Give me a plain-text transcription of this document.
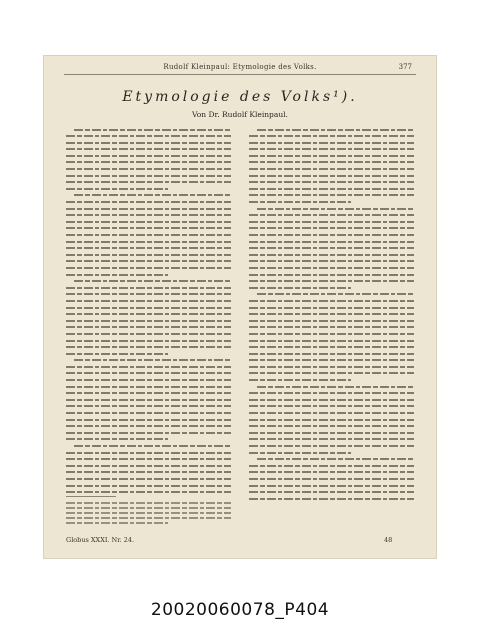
Rudolf Kleinpaul: Etymologie des Volks.	377
Etymologie des Volks¹).
Von Dr. Rudolf Kleinpaul.
Globus XXXI. Nr. 24.	48
20020060078_P404
